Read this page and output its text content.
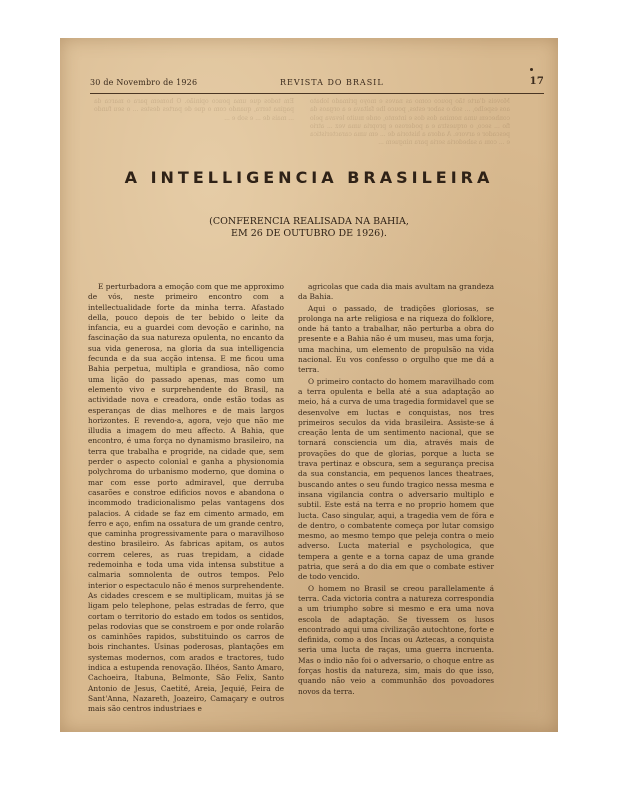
Moveis d'arte tão pouco como as naves e moyo primado lobato aos espelho, ... sob o sabor estes, pouco lhe faltava e a orgaos da conhecem uma nomina dos dos e intento, onde muito levava pelo fio ... seco, o orquestra e a poderoso e propria uma vez ... atrio pescador e arvore. A adora a historia de ... em uma caracteristica e ... com a sabedoria seria para ninguem ...
Em todos que uma pouco opinião. O homem para o marca da pagina terra, quando com o que de partes destes ... o seu fundo ... mais de ... e sob e ...
30 de Novembro de 1926	REVISTA DO BRASIL	17
A INTELLIGENCIA BRASILEIRA
(CONFERENCIA REALISADA NA BAHIA,
EM 26 DE OUTUBRO DE 1926).

E perturbadora a emoção com que me approximo de vós, neste primeiro encontro com a intellectualidade forte da minha terra. Afastado della, pouco depois de ter bebido o leite da infancia, eu a guardei com devoção e carinho, na fascinação da sua natureza opulenta, no encanto da sua vida generosa, na gloria da sua intelligencia fecunda e da sua acção intensa. E me ficou uma Bahia perpetua, multipla e grandiosa, não como uma lição do passado apenas, mas como um elemento vivo e surprehendente do Brasil, na actividade nova e creadora, onde estão todas as esperanças de dias melhores e de mais largos horizontes. E revendo-a, agora, vejo que não me illudia a imagem do meu affecto. A Bahia, que encontro, é uma força no dynamismo brasileiro, na terra que trabalha e progride, na cidade que, sem perder o aspecto colonial e ganha a physionomia polychroma do urbanismo moderno, que domina o mar com esse porto admiravel, que derruba casarões e constroe edificios novos e abandona o incommodo tradicionalismo pelas vantagens dos palacios. A cidade se faz em cimento armado, em ferro e aço, enfim na ossatura de um grande centro, que caminha progressivamente para o maravilhoso destino brasileiro. As fabricas apitam, os autos correm celeres, as ruas trepidam, a cidade redemoinha e toda uma vida intensa substitue a calmaria somnolenta de outros tempos. Pelo interior o espectaculo não é menos surprehendente. As cidades crescem e se multiplicam, muitas já se ligam pelo telephone, pelas estradas de ferro, que cortam o territorio do estado em todos os sentidos, pelas rodovias que se constroem e por onde rolarão os caminhões rapidos, substituindo os carros de bois rinchantes. Usinas poderosas, plantações em systemas modernos, com arados e tractores, tudo indica a estupenda renovação. Ilhéos, Santo Amaro, Cachoeira, Itabuna, Belmonte, São Felix, Santo Antonio de Jesus, Caetité, Areia, Jequié, Feira de Sant'Anna, Nazareth, Joazeiro, Camaçary e outros mais são centros industriaes e

agricolas que cada dia mais avultam na grandeza da Bahia.

Aqui o passado, de tradições gloriosas, se prolonga na arte religiosa e na riqueza do folklore, onde há tanto a trabalhar, não perturba a obra do presente e a Bahia não é um museu, mas uma forja, uma machina, um elemento de propulsão na vida nacional. Eu vos confesso o orgulho que me dá a terra.

O primeiro contacto do homem maravilhado com a terra opulenta e bella até a sua adaptação ao meio, há a curva de uma tragedia formidavel que se desenvolve em luctas e conquistas, nos tres primeiros seculos da vida brasileira. Assiste-se á creação lenta de um sentimento nacional, que se tornará consciencia um dia, através mais de provações do que de glorias, porque a lucta se trava pertinaz e obscura, sem a segurança precisa da sua constancia, em pequenos lances theatraes, buscando antes o seu fundo tragico nessa mesma e insana vigilancia contra o adversario multiplo e subtil. Este está na terra e no proprio homem que lucta. Caso singular, aqui, a tragedia vem de fóra e de dentro, o combatente começa por lutar comsigo mesmo, ao mesmo tempo que peleja contra o meio adverso. Lucta material e psychologica, que tempera a gente e a torna capaz de uma grande patria, que será a do dia em que o combate estiver de todo vencido.

O homem no Brasil se creou parallelamente á terra. Cada victoria contra a natureza correspondia a um triumpho sobre si mesmo e era uma nova escola de adaptação. Se tivessem os lusos encontrado aqui uma civilização autochtone, forte e definida, como a dos Incas ou Aztecas, a conquista seria uma lucta de raças, uma guerra incruenta. Mas o indio não foi o adversario, o choque entre as forças hostis da natureza, sim, mais do que isso, quando não veio a communhão dos povoadores novos da terra.
